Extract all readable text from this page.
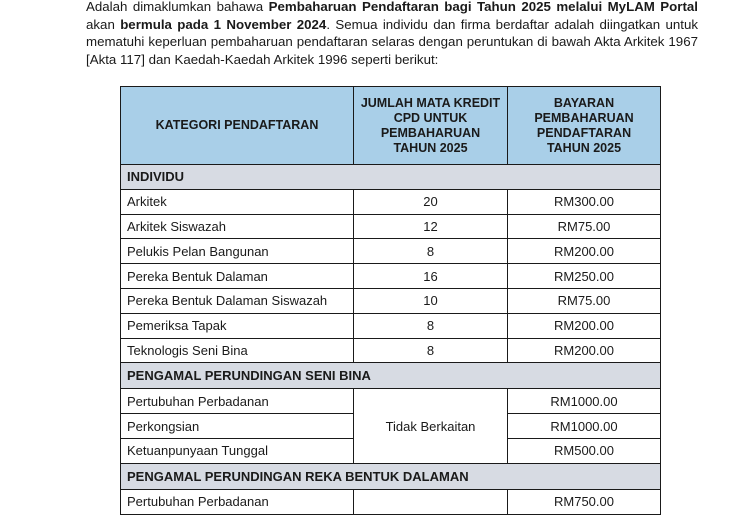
Adalah dimaklumkan bahawa Pembaharuan Pendaftaran bagi Tahun 2025 melalui MyLAM Portal akan bermula pada 1 November 2024. Semua individu dan firma berdaftar adalah diingatkan untuk mematuhi keperluan pembaharuan pendaftaran selaras dengan peruntukan di bawah Akta Arkitek 1967 [Akta 117] dan Kaedah-Kaedah Arkitek 1996 seperti berikut:

KATEGORI PENDAFTARAN	JUMLAH MATA KREDIT CPD UNTUK PEMBAHARUAN TAHUN 2025	BAYARAN PEMBAHARUAN PENDAFTARAN TAHUN 2025
INDIVIDU		
Arkitek	20	RM300.00
Arkitek Siswazah	12	RM75.00
Pelukis Pelan Bangunan	8	RM200.00
Pereka Bentuk Dalaman	16	RM250.00
Pereka Bentuk Dalaman Siswazah	10	RM75.00
Pemeriksa Tapak	8	RM200.00
Teknologis Seni Bina	8	RM200.00
PENGAMAL PERUNDINGAN SENI BINA		
Pertubuhan Perbadanan	Tidak Berkaitan	RM1000.00
Perkongsian		RM1000.00
Ketuanpunyaan Tunggal		RM500.00
PENGAMAL PERUNDINGAN REKA BENTUK DALAMAN		
Pertubuhan Perbadanan		RM750.00
